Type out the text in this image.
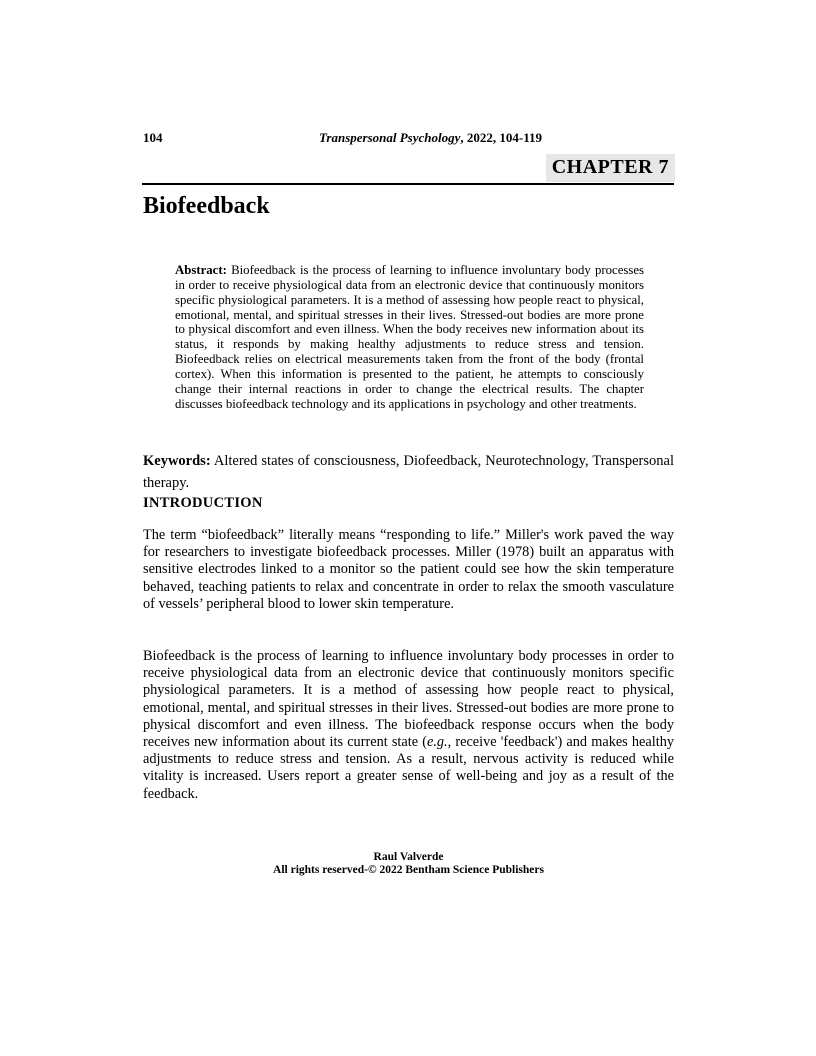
104	Transpersonal Psychology, 2022, 104-119
CHAPTER 7
Biofeedback
Abstract: Biofeedback is the process of learning to influence involuntary body processes in order to receive physiological data from an electronic device that continuously monitors specific physiological parameters. It is a method of assessing how people react to physical, emotional, mental, and spiritual stresses in their lives. Stressed-out bodies are more prone to physical discomfort and even illness. When the body receives new information about its status, it responds by making healthy adjustments to reduce stress and tension. Biofeedback relies on electrical measurements taken from the front of the body (frontal cortex). When this information is presented to the patient, he attempts to consciously change their internal reactions in order to change the electrical results. The chapter discusses biofeedback technology and its applications in psychology and other treatments.
Keywords: Altered states of consciousness, Diofeedback, Neurotechnology, Transpersonal therapy.
INTRODUCTION
The term “biofeedback” literally means “responding to life.” Miller's work paved the way for researchers to investigate biofeedback processes. Miller (1978) built an apparatus with sensitive electrodes linked to a monitor so the patient could see how the skin temperature behaved, teaching patients to relax and concentrate in order to relax the smooth vasculature of vessels’ peripheral blood to lower skin temperature.
Biofeedback is the process of learning to influence involuntary body processes in order to receive physiological data from an electronic device that continuously monitors specific physiological parameters. It is a method of assessing how people react to physical, emotional, mental, and spiritual stresses in their lives. Stressed-out bodies are more prone to physical discomfort and even illness. The biofeedback response occurs when the body receives new information about its current state (e.g., receive 'feedback') and makes healthy adjustments to reduce stress and tension. As a result, nervous activity is reduced while vitality is increased. Users report a greater sense of well-being and joy as a result of the feedback.
Raul Valverde
All rights reserved-© 2022 Bentham Science Publishers
